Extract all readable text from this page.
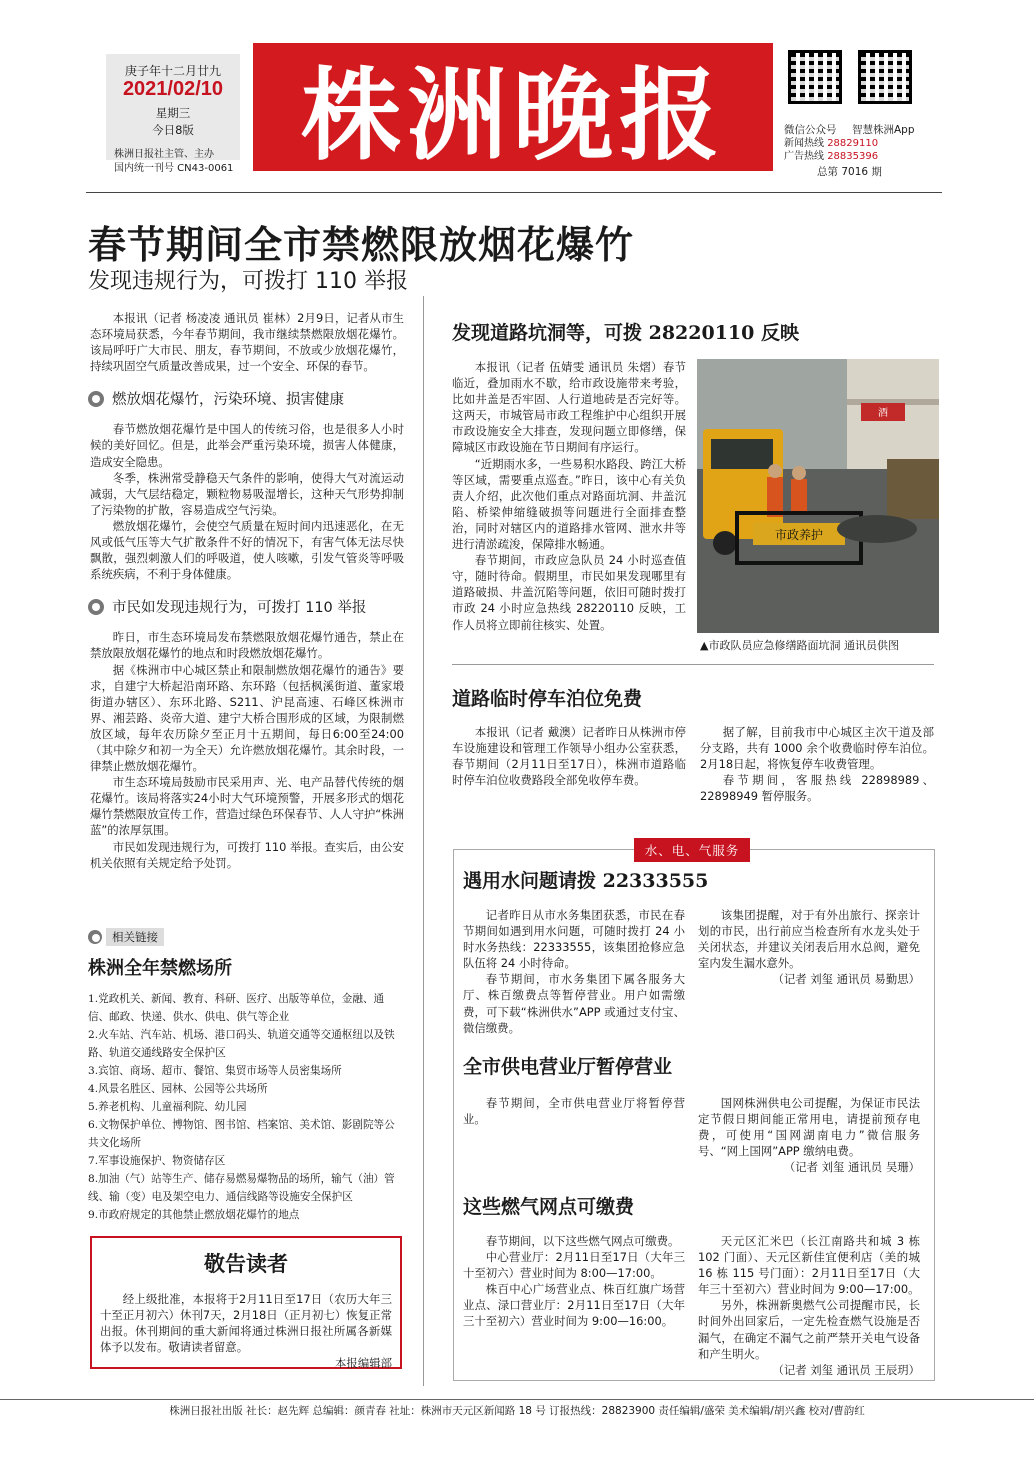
庚子年十二月廿九
2021/02/10
星期三
今日8版
株洲日报社主管、主办
国内统一刊号 CN43-0061 株洲晚报	微信公众号 智慧株洲App
新闻热线 28829110
广告热线 28835396
总第 7016 期
春节期间全市禁燃限放烟花爆竹
发现违规行为，可拨打 110 举报

本报讯（记者 杨凌凌 通讯员 崔林）2月9日，记者从市生态环境局获悉，今年春节期间，我市继续禁燃限放烟花爆竹。该局呼吁广大市民、朋友，春节期间，不放或少放烟花爆竹，持续巩固空气质量改善成果，过一个安全、环保的春节。

燃放烟花爆竹，污染环境、损害健康

春节燃放烟花爆竹是中国人的传统习俗，也是很多人小时候的美好回忆。但是，此举会严重污染环境，损害人体健康，造成安全隐患。

冬季，株洲常受静稳天气条件的影响，使得大气对流运动减弱，大气层结稳定，颗粒物易吸湿增长，这种天气形势抑制了污染物的扩散，容易造成空气污染。

燃放烟花爆竹，会使空气质量在短时间内迅速恶化，在无风或低气压等大气扩散条件不好的情况下，有害气体无法尽快飘散，强烈刺激人们的呼吸道，使人咳嗽，引发气管炎等呼吸系统疾病，不利于身体健康。

市民如发现违规行为，可拨打 110 举报

昨日，市生态环境局发布禁燃限放烟花爆竹通告，禁止在禁放限放烟花爆竹的地点和时段燃放烟花爆竹。

据《株洲市中心城区禁止和限制燃放烟花爆竹的通告》要求，自建宁大桥起沿南环路、东环路（包括枫溪街道、董家塅街道办辖区）、东环北路、S211、沪昆高速、石峰区株洲市界、湘芸路、炎帝大道、建宁大桥合围形成的区域，为限制燃放区域，每年农历除夕至正月十五期间，每日6:00至24:00（其中除夕和初一为全天）允许燃放烟花爆竹。其余时段，一律禁止燃放烟花爆竹。

市生态环境局鼓励市民采用声、光、电产品替代传统的烟花爆竹。该局将落实24小时大气环境预警，开展多形式的烟花爆竹禁燃限放宣传工作，营造过绿色环保春节、人人守护“株洲蓝”的浓厚氛围。

市民如发现违规行为，可拨打 110 举报。查实后，由公安机关依照有关规定给予处罚。

相关链接
株洲全年禁燃场所

1.党政机关、新闻、教育、科研、医疗、出版等单位，金融、通信、邮政、快递、供水、供电、供气等企业

2.火车站、汽车站、机场、港口码头、轨道交通等交通枢纽以及铁路、轨道交通线路安全保护区

3.宾馆、商场、超市、餐馆、集贸市场等人员密集场所

4.风景名胜区、园林、公园等公共场所

5.养老机构、儿童福利院、幼儿园

6.文物保护单位、博物馆、图书馆、档案馆、美术馆、影剧院等公共文化场所

7.军事设施保护、物资储存区

8.加油（气）站等生产、储存易燃易爆物品的场所，输气（油）管线、输（变）电及架空电力、通信线路等设施安全保护区

9.市政府规定的其他禁止燃放烟花爆竹的地点

敬告读者

经上级批准，本报将于2月11日至17日（农历大年三十至正月初六）休刊7天，2月18日（正月初七）恢复正常出报。休刊期间的重大新闻将通过株洲日报社所属各新媒体予以发布。敬请读者留意。

本报编辑部
发现道路坑洞等，可拨 28220110 反映

本报讯（记者 伍婧雯 通讯员 朱熠）春节临近，叠加雨水不歇，给市政设施带来考验，比如井盖是否牢固、人行道地砖是否完好等。这两天，市城管局市政工程维护中心组织开展市政设施安全大排查，发现问题立即修缮，保障城区市政设施在节日期间有序运行。

“近期雨水多，一些易积水路段、跨江大桥等区域，需要重点巡查。”昨日，该中心有关负责人介绍，此次他们重点对路面坑洞、井盖沉陷、桥梁伸缩缝破损等问题进行全面排查整治，同时对辖区内的道路排水管网、泄水井等进行清淤疏浚，保障排水畅通。

春节期间，市政应急队员 24 小时巡查值守，随时待命。假期里，市民如果发现哪里有道路破损、井盖沉陷等问题，依旧可随时拨打市政 24 小时应急热线 28220110 反映，工作人员将立即前往核实、处置。

酒
市政养护
▲市政队员应急修缮路面坑洞 通讯员供图
道路临时停车泊位免费

本报讯（记者 戴澳）记者昨日从株洲市停车设施建设和管理工作领导小组办公室获悉，春节期间（2月11日至17日），株洲市道路临时停车泊位收费路段全部免收停车费。

据了解，目前我市中心城区主次干道及部分支路，共有 1000 余个收费临时停车泊位。2月18日起，将恢复停车收费管理。

春节期间，客服热线 22898989、22898949 暂停服务。

水、电、气服务
遇用水问题请拨 22333555

记者昨日从市水务集团获悉，市民在春节期间如遇到用水问题，可随时拨打 24 小时水务热线：22333555，该集团抢修应急队伍将 24 小时待命。

春节期间，市水务集团下属各服务大厅、株百缴费点等暂停营业。用户如需缴费，可下载“株洲供水”APP 或通过支付宝、微信缴费。

该集团提醒，对于有外出旅行、探亲计划的市民，出行前应当检查所有水龙头处于关闭状态，并建议关闭表后用水总阀，避免室内发生漏水意外。

（记者 刘玺 通讯员 易勤思）
全市供电营业厅暂停营业

春节期间，全市供电营业厅将暂停营业。

国网株洲供电公司提醒，为保证市民法定节假日期间能正常用电，请提前预存电费，可使用“国网湖南电力”微信服务号、“网上国网”APP 缴纳电费。

（记者 刘玺 通讯员 吴珊）
这些燃气网点可缴费

春节期间，以下这些燃气网点可缴费。

中心营业厅：2月11日至17日（大年三十至初六）营业时间为 8:00—17:00。

株百中心广场营业点、株百红旗广场营业点、渌口营业厅：2月11日至17日（大年三十至初六）营业时间为 9:00—16:00。

天元区汇米巴（长江南路共和城 3 栋 102 门面）、天元区新佳宜便利店（美的城 16 栋 115 号门面）：2月11日至17日（大年三十至初六）营业时间为 9:00—17:00。

另外，株洲新奥燃气公司提醒市民，长时间外出回家后，一定先检查燃气设施是否漏气，在确定不漏气之前严禁开关电气设备和产生明火。

（记者 刘玺 通讯员 王辰玥）
株洲日报社出版 社长：赵先辉 总编辑：颜青春 社址：株洲市天元区新闻路 18 号 订报热线：28823900 责任编辑/盛荣 美术编辑/胡兴鑫 校对/曹韵红
